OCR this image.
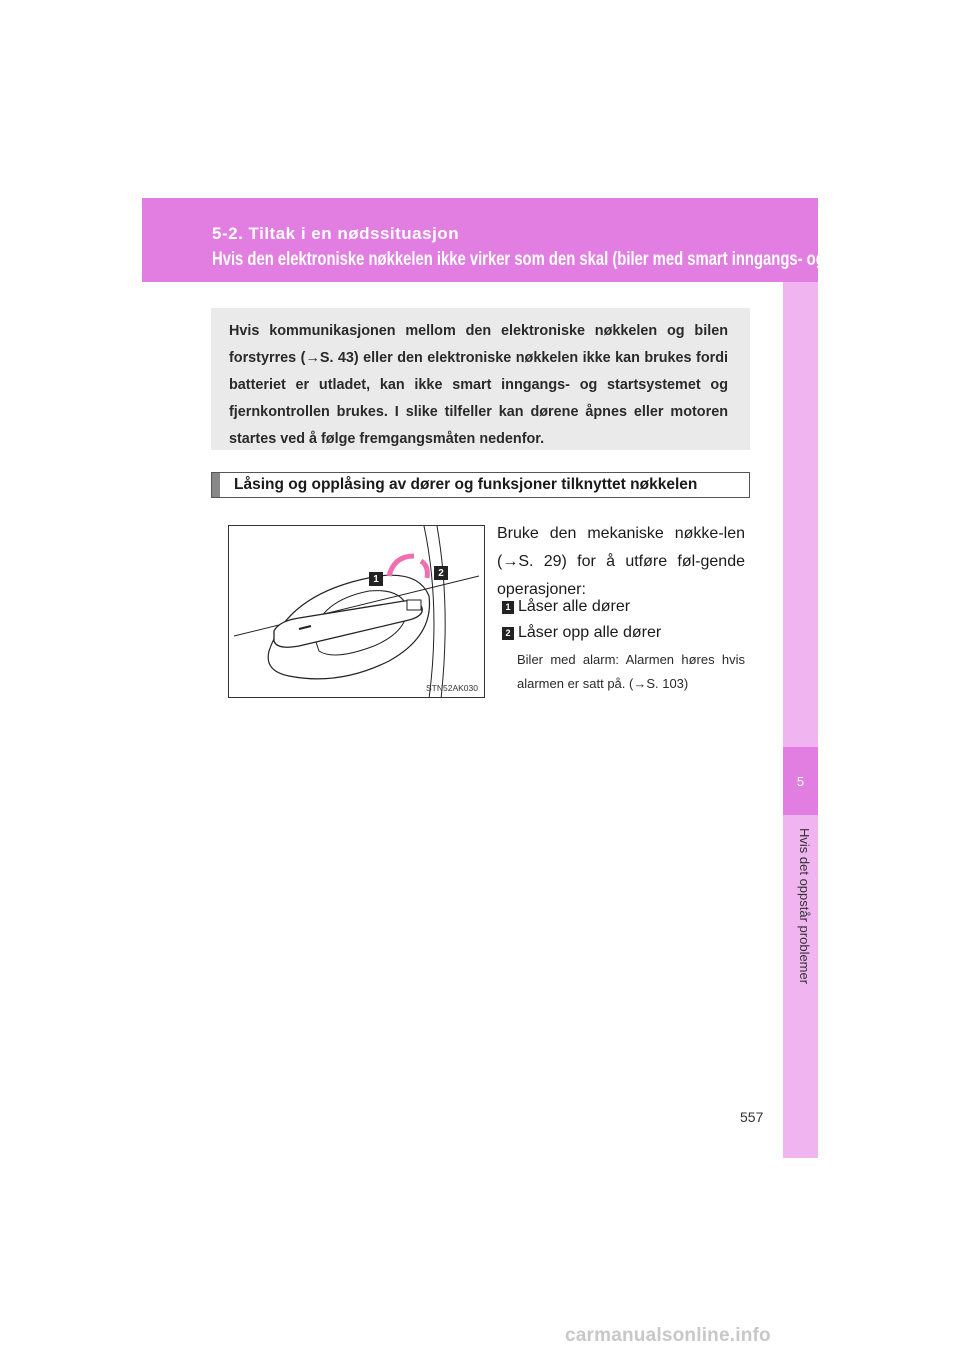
5-2. Tiltak i en nødssituasjon
Hvis den elektroniske nøkkelen ikke virker som den skal (biler med smart inngangs- og startsystem)
5
Hvis det oppstår problemer
Hvis kommunikasjonen mellom den elektroniske nøkkelen og bilen forstyrres (→S. 43) eller den elektroniske nøkkelen ikke kan brukes fordi batteriet er utladet, kan ikke smart inngangs- og startsystemet og fjernkontrollen brukes. I slike tilfeller kan dørene åpnes eller motoren startes ved å følge fremgangsmåten nedenfor.
Låsing og opplåsing av dører og funksjoner tilknyttet nøkkelen
1
2
STN52AK030
Bruke den mekaniske nøkke-len (→S. 29) for å utføre føl-gende operasjoner:
1 Låser alle dører
2 Låser opp alle dører
Biler med alarm: Alarmen høres hvis alarmen er satt på. (→S. 103)
557
carmanualsonline.info
